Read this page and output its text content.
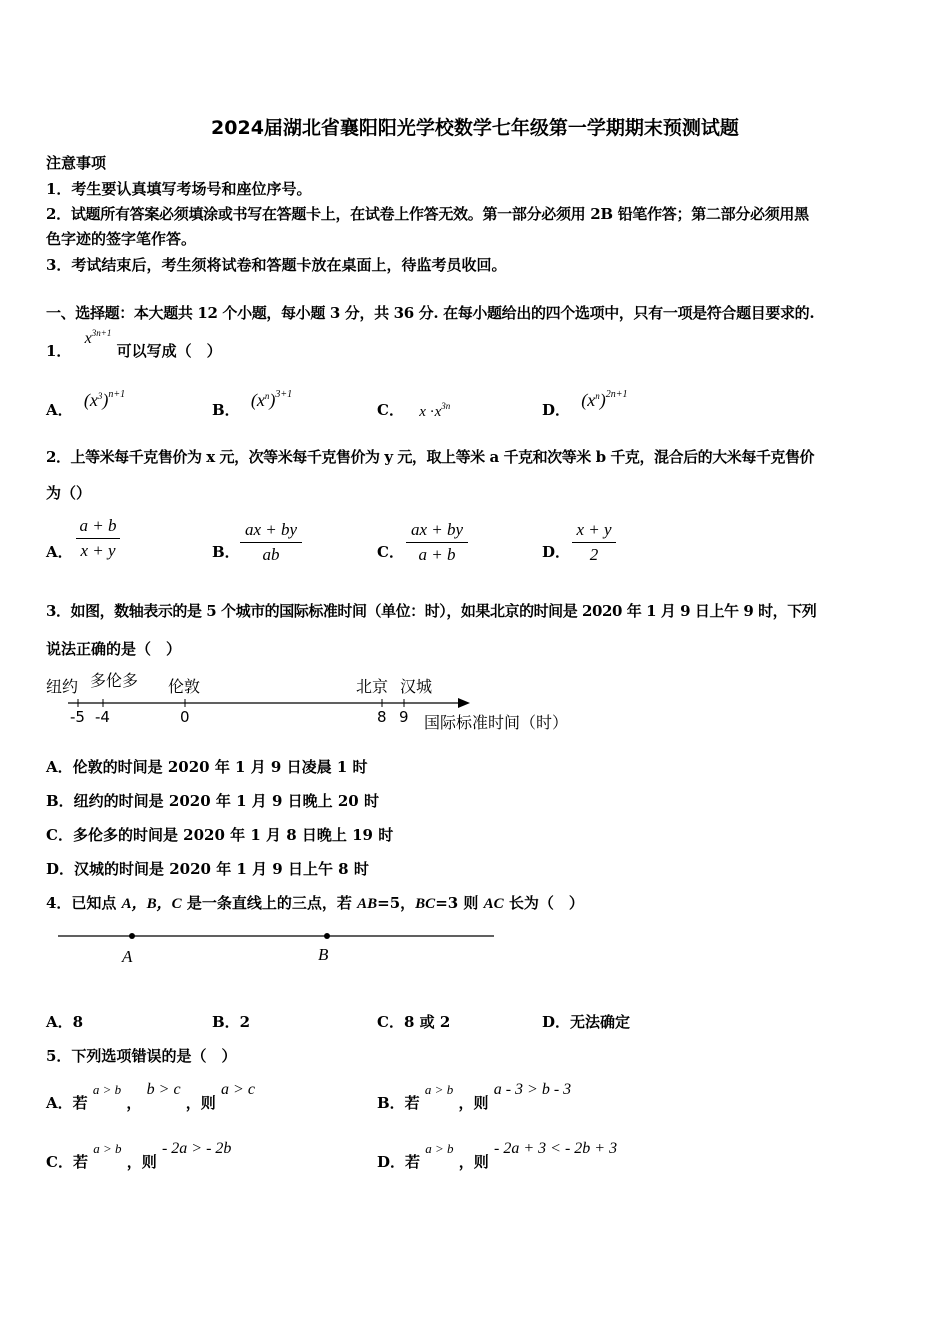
2024届湖北省襄阳阳光学校数学七年级第一学期期末预测试题
注意事项
1．考生要认真填写考场号和座位序号。
2．试题所有答案必须填涂或书写在答题卡上，在试卷上作答无效。第一部分必须用 2B 铅笔作答；第二部分必须用黑
色字迹的签字笔作答。
3．考试结束后，考生须将试卷和答题卡放在桌面上，待监考员收回。
一、选择题：本大题共 12 个小题，每小题 3 分，共 36 分. 在每小题给出的四个选项中，只有一项是符合题目要求的.
1． $x^{3n+1}$ 可以写成（　）
A． $(x^3)^{n+1}$
B． $(x^n)^{3+1}$
C． $x \cdot x^{3n}$	D． $(x^n)^{2n+1}$
2．上等米每千克售价为 x 元，次等米每千克售价为 y 元，取上等米 a 千克和次等米 b 千克，混合后的大米每千克售价
为（）
A． $\frac{a + b}{x + y}$	B． $\frac{ax + by}{ab}$	C． $\frac{ax + by}{a + b}$	D． $\frac{x + y}{2}$
3．如图，数轴表示的是 5 个城市的国际标准时间（单位：时），如果北京的时间是 2020 年 1 月 9 日上午 9 时，下列
说法正确的是（　）
纽约 多伦多 伦敦	北京 汉城
-5 -4	0	8 9 国际标准时间（时）
A．伦敦的时间是 2020 年 1 月 9 日凌晨 1 时
B．纽约的时间是 2020 年 1 月 9 日晚上 20 时
C．多伦多的时间是 2020 年 1 月 8 日晚上 19 时
D．汉城的时间是 2020 年 1 月 9 日上午 8 时
4．已知点 A，B，C 是一条直线上的三点，若 AB=5，BC=3 则 AC 长为（　）
A	B
A．8	B．2	C．8 或 2	D．无法确定
5．下列选项错误的是（　）
A．若 a > b ， b > c ，则 a > c
B．若 a > b ，则 a - 3 > b - 3
C．若 a > b ，则 - 2a > - 2b
D．若 a > b ，则 - 2a + 3 < - 2b + 3
